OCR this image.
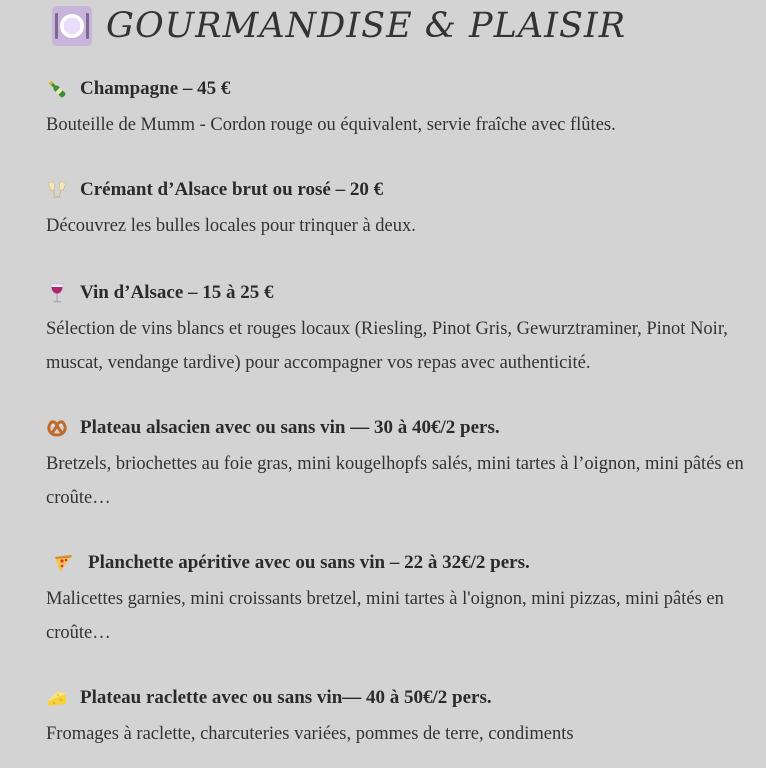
GOURMANDISE & PLAISIR
Champagne – 45 €
Bouteille de Mumm - Cordon rouge ou équivalent, servie fraîche avec flûtes.
Crémant d’Alsace brut ou rosé – 20 €
Découvrez les bulles locales pour trinquer à deux.
Vin d’Alsace – 15 à 25 €
Sélection de vins blancs et rouges locaux (Riesling, Pinot Gris, Gewurztraminer, Pinot Noir, muscat, vendange tardive) pour accompagner vos repas avec authenticité.
Plateau alsacien avec ou sans vin — 30 à 40€/2 pers.
Bretzels, briochettes au foie gras, mini kougelhopfs salés, mini tartes à l’oignon, mini pâtés en croûte…
Planchette apéritive avec ou sans vin – 22 à 32€/2 pers.
Malicettes garnies, mini croissants bretzel, mini tartes à l'oignon, mini pizzas, mini pâtés en croûte…
Plateau raclette avec ou sans vin— 40 à 50€/2 pers.
Fromages à raclette, charcuteries variées, pommes de terre, condiments
